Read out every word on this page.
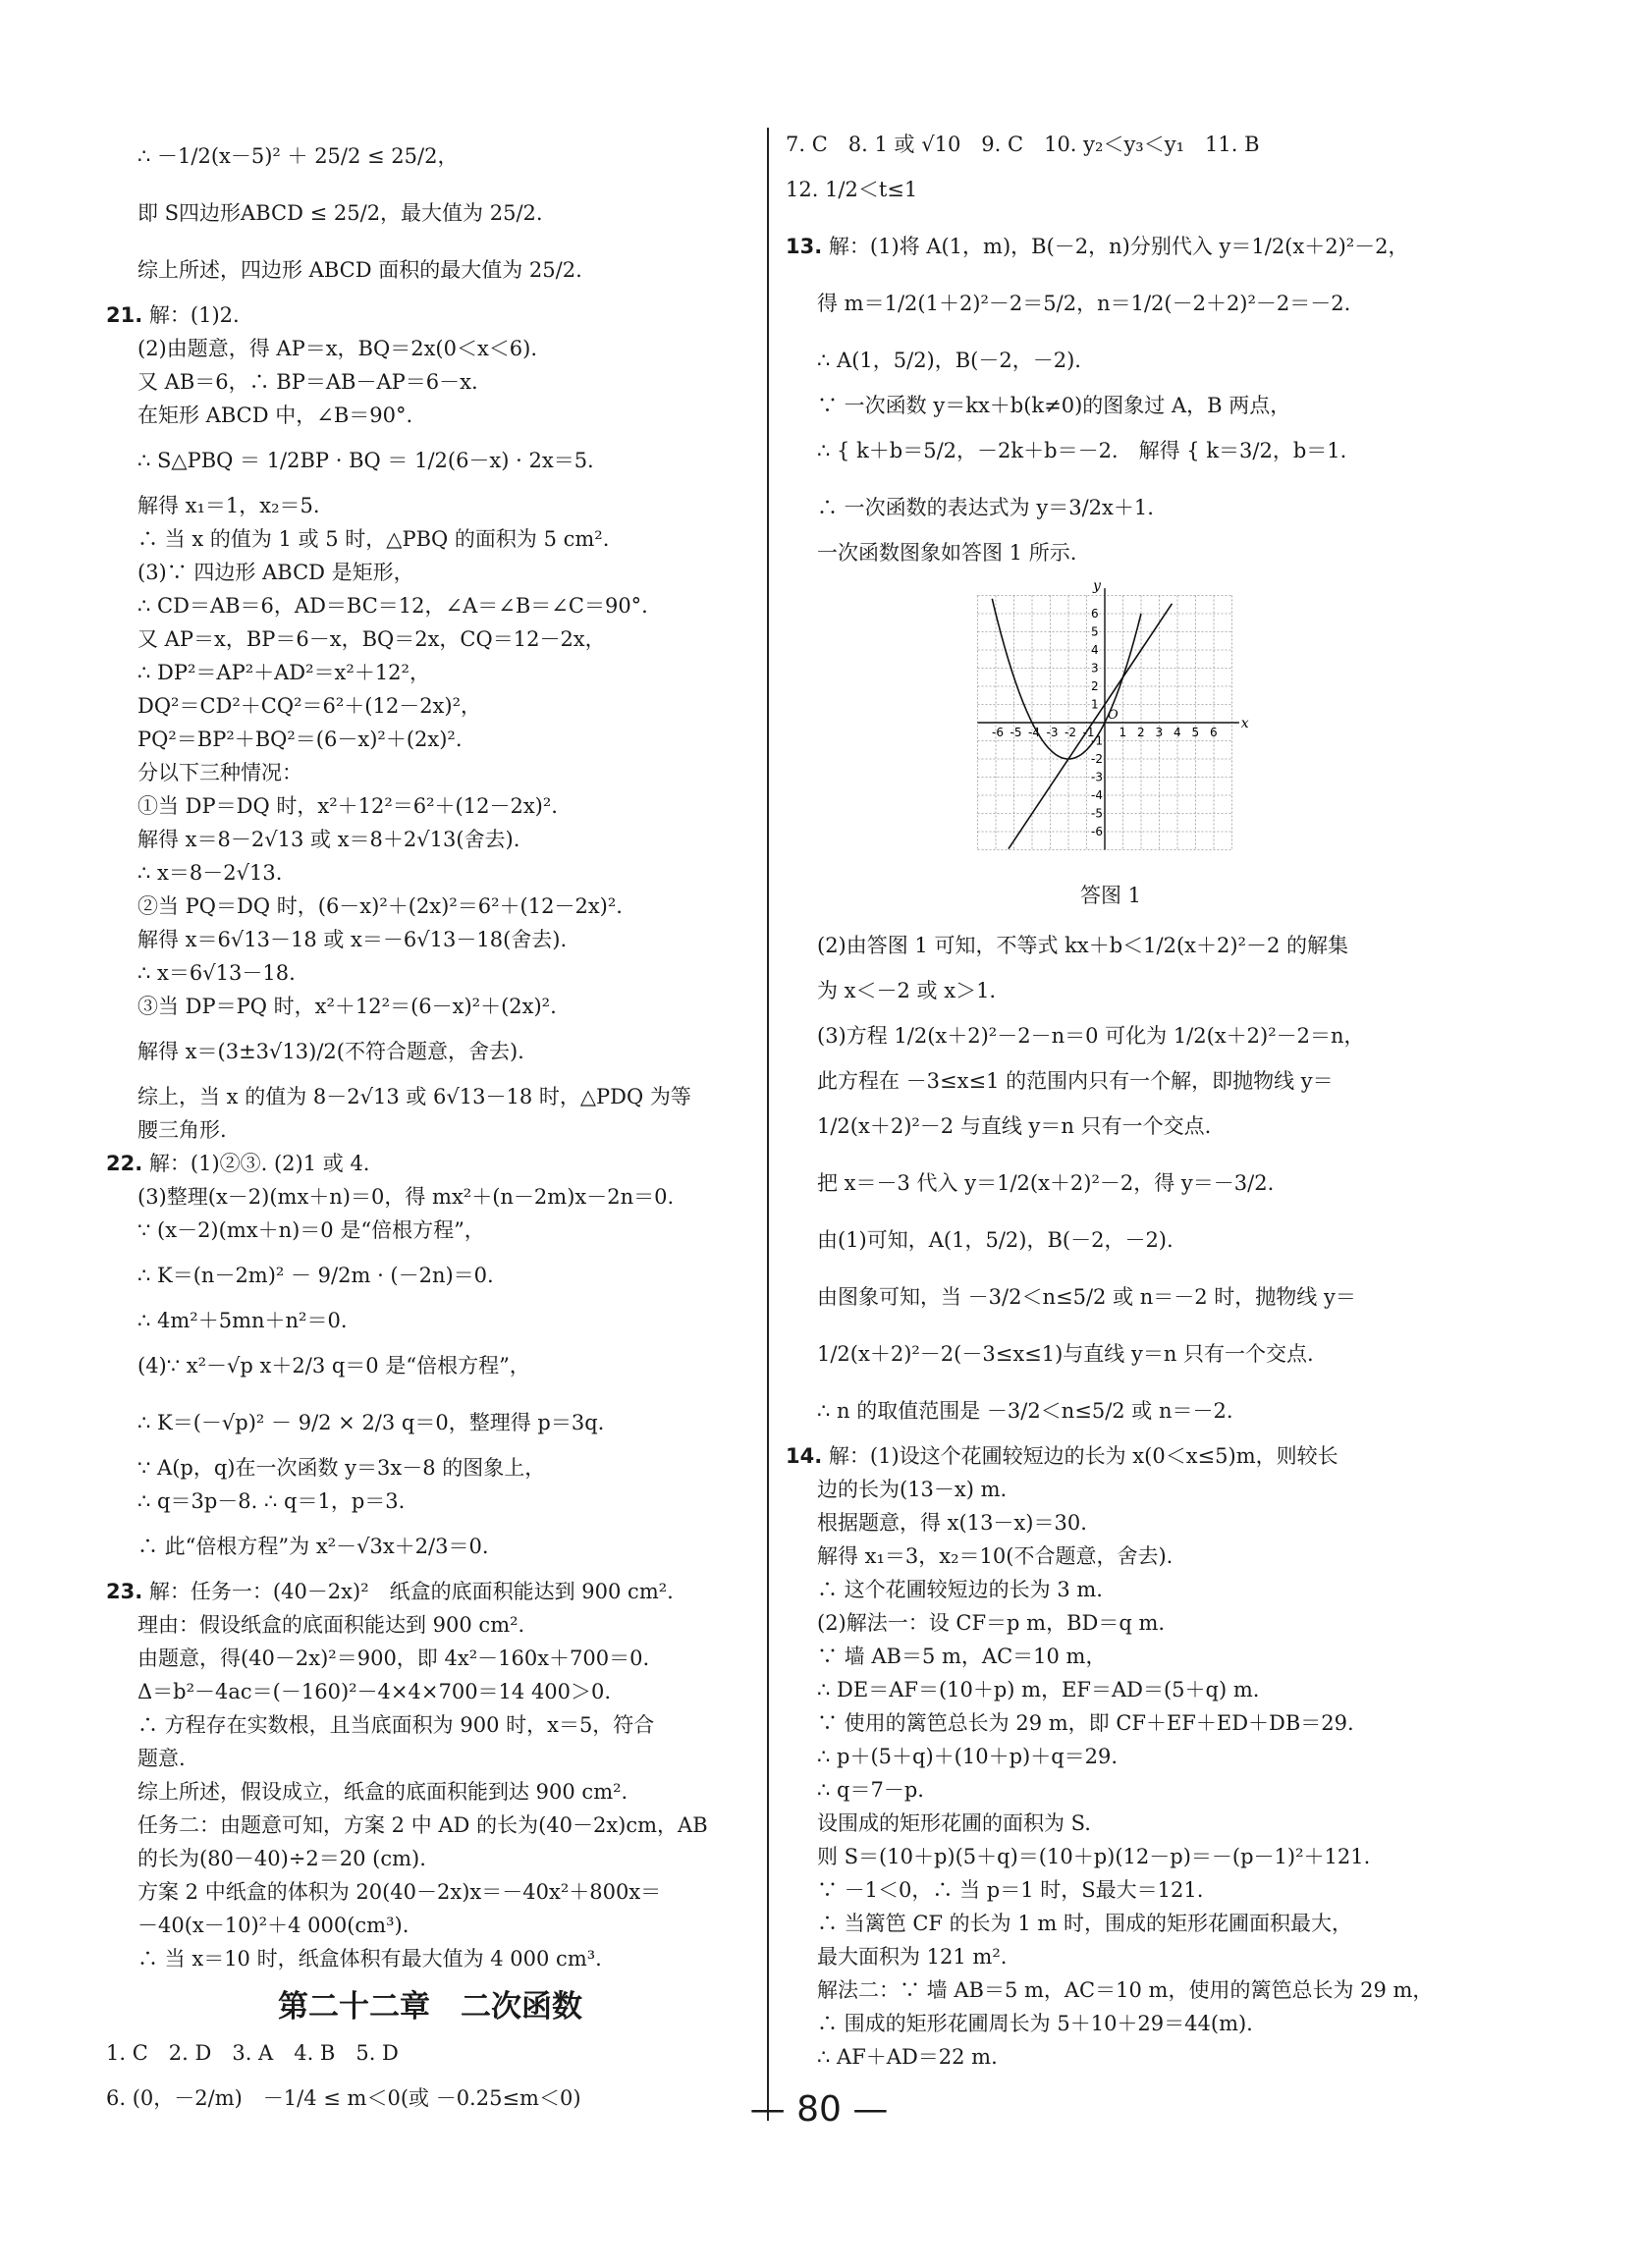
∴ －1/2(x－5)² ＋ 25/2 ≤ 25/2，
即 S四边形ABCD ≤ 25/2，最大值为 25/2.
综上所述，四边形 ABCD 面积的最大值为 25/2.
21. 解：(1)2.
(2)由题意，得 AP＝x，BQ＝2x(0＜x＜6).
又 AB＝6，∴ BP＝AB－AP＝6－x.
在矩形 ABCD 中，∠B＝90°.
∴ S△PBQ ＝ 1/2BP · BQ ＝ 1/2(6－x) · 2x＝5.
解得 x₁＝1，x₂＝5.
∴ 当 x 的值为 1 或 5 时，△PBQ 的面积为 5 cm².
(3)∵ 四边形 ABCD 是矩形，
∴ CD＝AB＝6，AD＝BC＝12，∠A＝∠B＝∠C＝90°.
又 AP＝x，BP＝6－x，BQ＝2x，CQ＝12－2x，
∴ DP²＝AP²＋AD²＝x²＋12²，
DQ²＝CD²＋CQ²＝6²＋(12－2x)²，
PQ²＝BP²＋BQ²＝(6－x)²＋(2x)².
分以下三种情况：
①当 DP＝DQ 时，x²＋12²＝6²＋(12－2x)².
解得 x＝8－2√13 或 x＝8＋2√13(舍去).
∴ x＝8－2√13.
②当 PQ＝DQ 时，(6－x)²＋(2x)²＝6²＋(12－2x)².
解得 x＝6√13－18 或 x＝－6√13－18(舍去).
∴ x＝6√13－18.
③当 DP＝PQ 时，x²＋12²＝(6－x)²＋(2x)².
解得 x＝(3±3√13)/2(不符合题意，舍去).
综上，当 x 的值为 8－2√13 或 6√13－18 时，△PDQ 为等
腰三角形.
22. 解：(1)②③. (2)1 或 4.
(3)整理(x－2)(mx＋n)＝0，得 mx²＋(n－2m)x－2n＝0.
∵ (x－2)(mx＋n)＝0 是“倍根方程”，
∴ K＝(n－2m)² － 9/2m · (－2n)＝0.
∴ 4m²＋5mn＋n²＝0.
(4)∵ x²－√p x＋2/3 q＝0 是“倍根方程”，
∴ K＝(－√p)² － 9/2 × 2/3 q＝0，整理得 p＝3q.
∵ A(p，q)在一次函数 y＝3x－8 的图象上，
∴ q＝3p－8. ∴ q＝1，p＝3.
∴ 此“倍根方程”为 x²－√3x＋2/3＝0.
23. 解：任务一：(40－2x)²　纸盒的底面积能达到 900 cm².
理由：假设纸盒的底面积能达到 900 cm².
由题意，得(40－2x)²＝900，即 4x²－160x＋700＝0.
Δ＝b²－4ac＝(－160)²－4×4×700＝14 400＞0.
∴ 方程存在实数根，且当底面积为 900 时，x＝5，符合
题意.
综上所述，假设成立，纸盒的底面积能到达 900 cm².
任务二：由题意可知，方案 2 中 AD 的长为(40－2x)cm，AB
的长为(80－40)÷2＝20 (cm).
方案 2 中纸盒的体积为 20(40－2x)x＝－40x²＋800x＝
－40(x－10)²＋4 000(cm³).
∴ 当 x＝10 时，纸盒体积有最大值为 4 000 cm³.
第二十二章　二次函数
1. C　2. D　3. A　4. B　5. D
6. (0，－2/m)　－1/4 ≤ m＜0(或 －0.25≤m＜0)
7. C　8. 1 或 √10　9. C　10. y₂＜y₃＜y₁　11. B
12. 1/2＜t≤1
13. 解：(1)将 A(1，m)，B(－2，n)分别代入 y＝1/2(x＋2)²－2，
得 m＝1/2(1＋2)²－2＝5/2，n＝1/2(－2＋2)²－2＝－2.
∴ A(1，5/2)，B(－2，－2).
∵ 一次函数 y＝kx＋b(k≠0)的图象过 A，B 两点，
∴ { k＋b＝5/2，－2k＋b＝－2.　解得 { k＝3/2，b＝1.
∴ 一次函数的表达式为 y＝3/2x＋1.
一次函数图象如答图 1 所示.
x
y
O
-6 -5 -4 -3 -2 -1 1 2 3 4 5 6
6
5
4
3
2
1
-1
-2
-3
-4
-5
-6
答图 1
(2)由答图 1 可知，不等式 kx＋b＜1/2(x＋2)²－2 的解集
为 x＜－2 或 x＞1.
(3)方程 1/2(x＋2)²－2－n＝0 可化为 1/2(x＋2)²－2＝n，
此方程在 －3≤x≤1 的范围内只有一个解，即抛物线 y＝
1/2(x＋2)²－2 与直线 y＝n 只有一个交点.
把 x＝－3 代入 y＝1/2(x＋2)²－2，得 y＝－3/2.
由(1)可知，A(1，5/2)，B(－2，－2).
由图象可知，当 －3/2＜n≤5/2 或 n＝－2 时，抛物线 y＝
1/2(x＋2)²－2(－3≤x≤1)与直线 y＝n 只有一个交点.
∴ n 的取值范围是 －3/2＜n≤5/2 或 n＝－2.
14. 解：(1)设这个花圃较短边的长为 x(0＜x≤5)m，则较长
边的长为(13－x) m.
根据题意，得 x(13－x)＝30.
解得 x₁＝3，x₂＝10(不合题意，舍去).
∴ 这个花圃较短边的长为 3 m.
(2)解法一：设 CF＝p m，BD＝q m.
∵ 墙 AB＝5 m，AC＝10 m，
∴ DE＝AF＝(10＋p) m，EF＝AD＝(5＋q) m.
∵ 使用的篱笆总长为 29 m，即 CF＋EF＋ED＋DB＝29.
∴ p＋(5＋q)＋(10＋p)＋q＝29.
∴ q＝7－p.
设围成的矩形花圃的面积为 S.
则 S＝(10＋p)(5＋q)＝(10＋p)(12－p)＝－(p－1)²＋121.
∵ －1＜0，∴ 当 p＝1 时，S最大＝121.
∴ 当篱笆 CF 的长为 1 m 时，围成的矩形花圃面积最大，
最大面积为 121 m².
解法二：∵ 墙 AB＝5 m，AC＝10 m，使用的篱笆总长为 29 m，
∴ 围成的矩形花圃周长为 5＋10＋29＝44(m).
∴ AF＋AD＝22 m.
— 80 —
